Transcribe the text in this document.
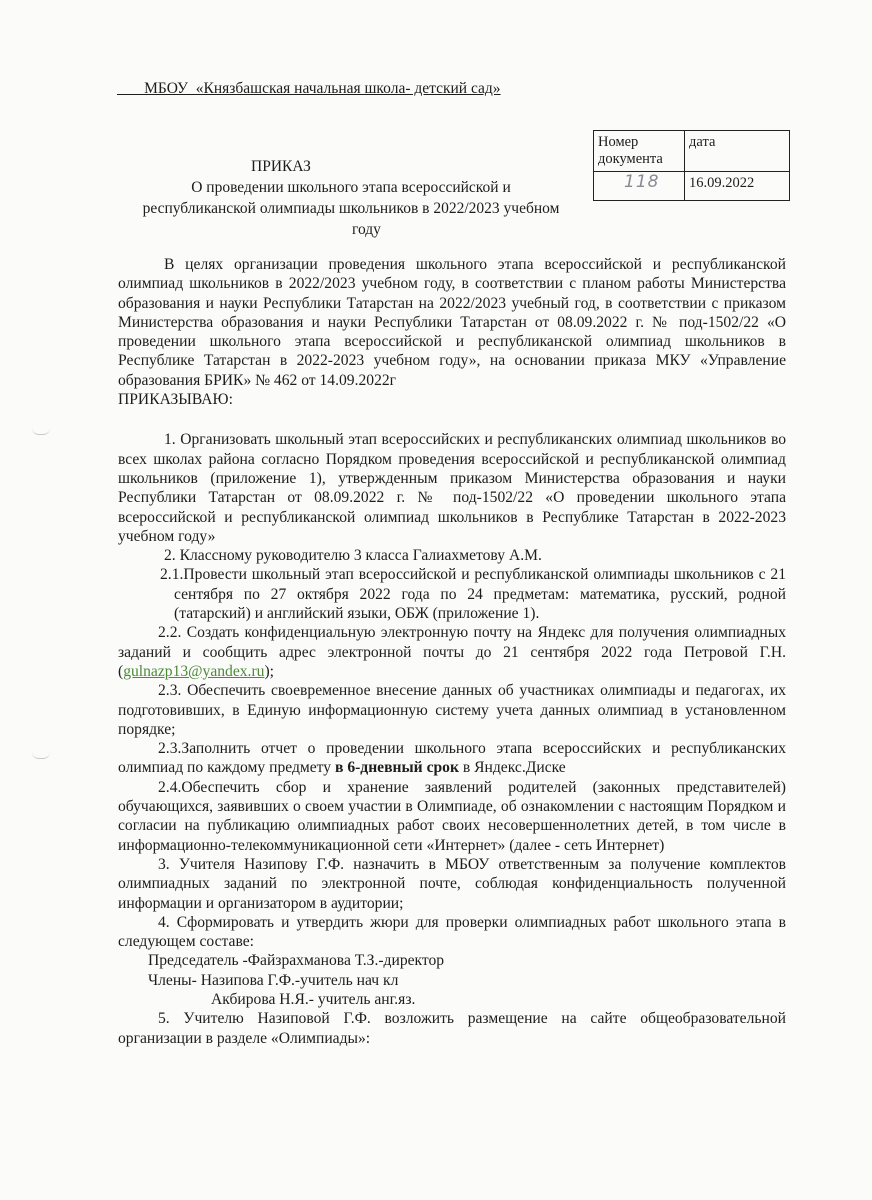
МБОУ  «Князбашская начальная школа- детский сад»
ПРИКАЗ
О проведении школьного этапа всероссийской и
республиканской олимпиады школьников в 2022/2023 учебном
году
Номер документа	дата

118	16.09.2022

В целях организации проведения школьного этапа всероссийской и республиканской олимпиад школьников в 2022/2023 учебном году, в соответствии с планом работы Министерства образования и науки Республики Татарстан на 2022/2023 учебный год, в соответствии с приказом Министерства образования и науки Республики Татарстан от 08.09.2022 г. № под-1502/22 «О проведении школьного этапа всероссийской и республиканской олимпиад школьников в Республике Татарстан в 2022-2023 учебном году», на основании приказа МКУ «Управление образования БРИК» № 462 от 14.09.2022г

ПРИКАЗЫВАЮ:

1. Организовать школьный этап всероссийских и республиканских олимпиад школьников во всех школах района согласно Порядком проведения всероссийской и республиканской олимпиад школьников (приложение 1), утвержденным приказом Министерства образования и науки Республики Татарстан от 08.09.2022 г. № под-1502/22 «О проведении школьного этапа всероссийской и республиканской олимпиад школьников в Республике Татарстан в 2022-2023 учебном году»

2. Классному руководителю 3 класса Галиахметову А.М.

2.1.Провести школьный этап всероссийской и республиканской олимпиады школьников с 21 сентября по 27 октября 2022 года по 24 предметам: математика, русский, родной (татарский) и английский языки, ОБЖ (приложение 1).

2.2. Создать конфиденциальную электронную почту на Яндекс для получения олимпиадных заданий и сообщить адрес электронной почты до 21 сентября 2022 года Петровой Г.Н. (gulnazp13@yandex.ru);

2.3. Обеспечить своевременное внесение данных об участниках олимпиады и педагогах, их подготовивших, в Единую информационную систему учета данных олимпиад в установленном порядке;

2.3.Заполнить отчет о проведении школьного этапа всероссийских и республиканских олимпиад по каждому предмету в 6-дневный срок в Яндекс.Диске

2.4.Обеспечить сбор и хранение заявлений родителей (законных представителей) обучающихся, заявивших о своем участии в Олимпиаде, об ознакомлении с настоящим Порядком и согласии на публикацию олимпиадных работ своих несовершеннолетних детей, в том числе в информационно-телекоммуникационной сети «Интернет» (далее - сеть Интернет)

3. Учителя Назипову Г.Ф. назначить в МБОУ ответственным за получение комплектов олимпиадных заданий по электронной почте, соблюдая конфиденциальность полученной информации и организатором в аудитории;

4. Сформировать и утвердить жюри для проверки олимпиадных работ школьного этапа в следующем составе:

Председатель -Файзрахманова Т.З.-директор

Члены- Назипова Г.Ф.-учитель нач кл

Акбирова Н.Я.- учитель анг.яз.

5. Учителю Назиповой Г.Ф. возложить размещение на сайте общеобразовательной организации в разделе «Олимпиады»:
